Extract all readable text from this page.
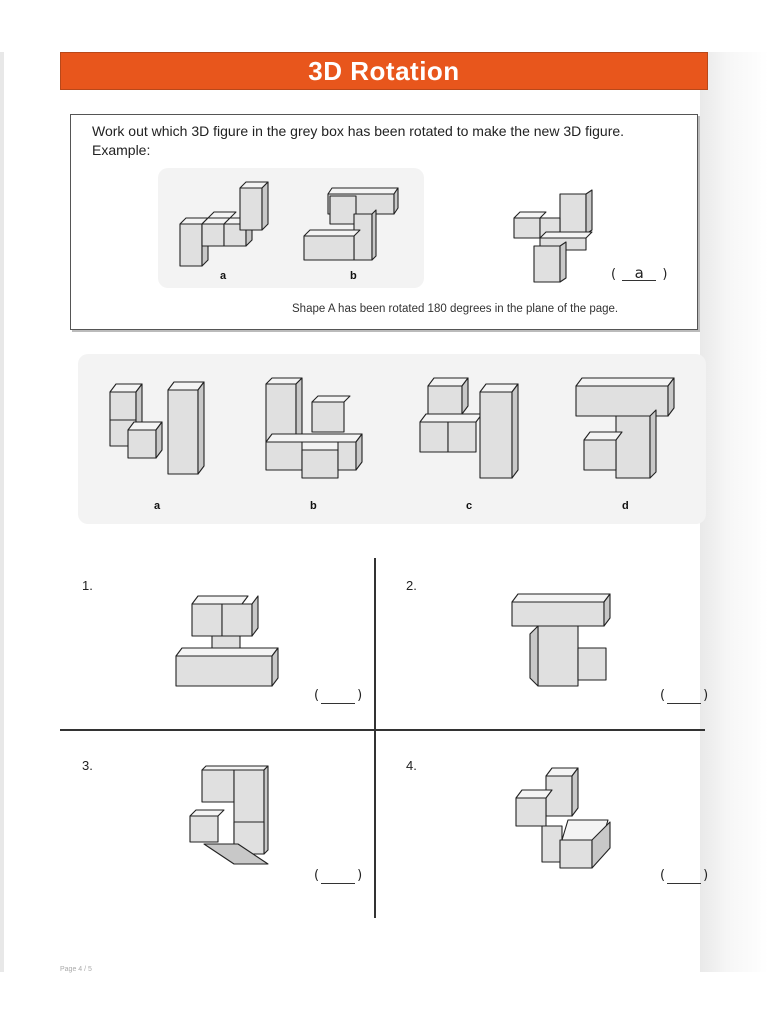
3D Rotation
Work out which 3D figure in the grey box has been rotated to make the new 3D figure.
Example:
a	b	( a )
Shape A has been rotated 180 degrees in the plane of the page.
a	b	c	d
1.
(	)
2.
(	)
3.
(	)
4.
(	)
Page 4 / 5
